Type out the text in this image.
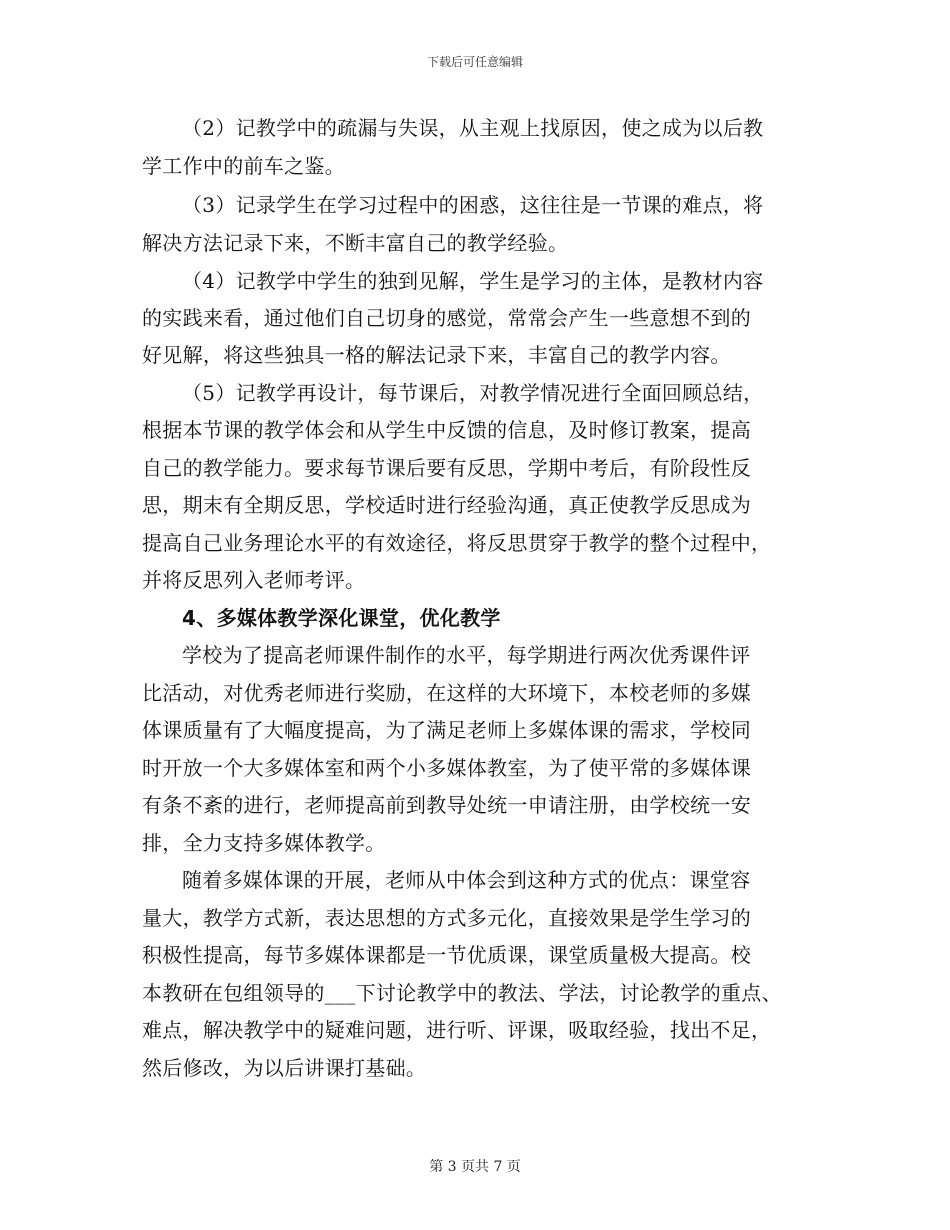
下载后可任意编辑
（2）记教学中的疏漏与失误，从主观上找原因，使之成为以后教
学工作中的前车之鉴。
（3）记录学生在学习过程中的困惑，这往往是一节课的难点，将
解决方法记录下来，不断丰富自己的教学经验。
（4）记教学中学生的独到见解，学生是学习的主体，是教材内容
的实践来看，通过他们自己切身的感觉，常常会产生一些意想不到的
好见解，将这些独具一格的解法记录下来，丰富自己的教学内容。
（5）记教学再设计，每节课后，对教学情况进行全面回顾总结，
根据本节课的教学体会和从学生中反馈的信息，及时修订教案，提高
自己的教学能力。要求每节课后要有反思，学期中考后，有阶段性反
思，期末有全期反思，学校适时进行经验沟通，真正使教学反思成为
提高自己业务理论水平的有效途径，将反思贯穿于教学的整个过程中，
并将反思列入老师考评。
4、多媒体教学深化课堂，优化教学
学校为了提高老师课件制作的水平，每学期进行两次优秀课件评
比活动，对优秀老师进行奖励，在这样的大环境下，本校老师的多媒
体课质量有了大幅度提高，为了满足老师上多媒体课的需求，学校同
时开放一个大多媒体室和两个小多媒体教室，为了使平常的多媒体课
有条不紊的进行，老师提高前到教导处统一申请注册，由学校统一安
排，全力支持多媒体教学。
随着多媒体课的开展，老师从中体会到这种方式的优点：课堂容
量大，教学方式新，表达思想的方式多元化，直接效果是学生学习的
积极性提高，每节多媒体课都是一节优质课，课堂质量极大提高。校
本教研在包组领导的___下讨论教学中的教法、学法，讨论教学的重点、
难点，解决教学中的疑难问题，进行听、评课，吸取经验，找出不足，
然后修改，为以后讲课打基础。
第 3 页共 7 页
